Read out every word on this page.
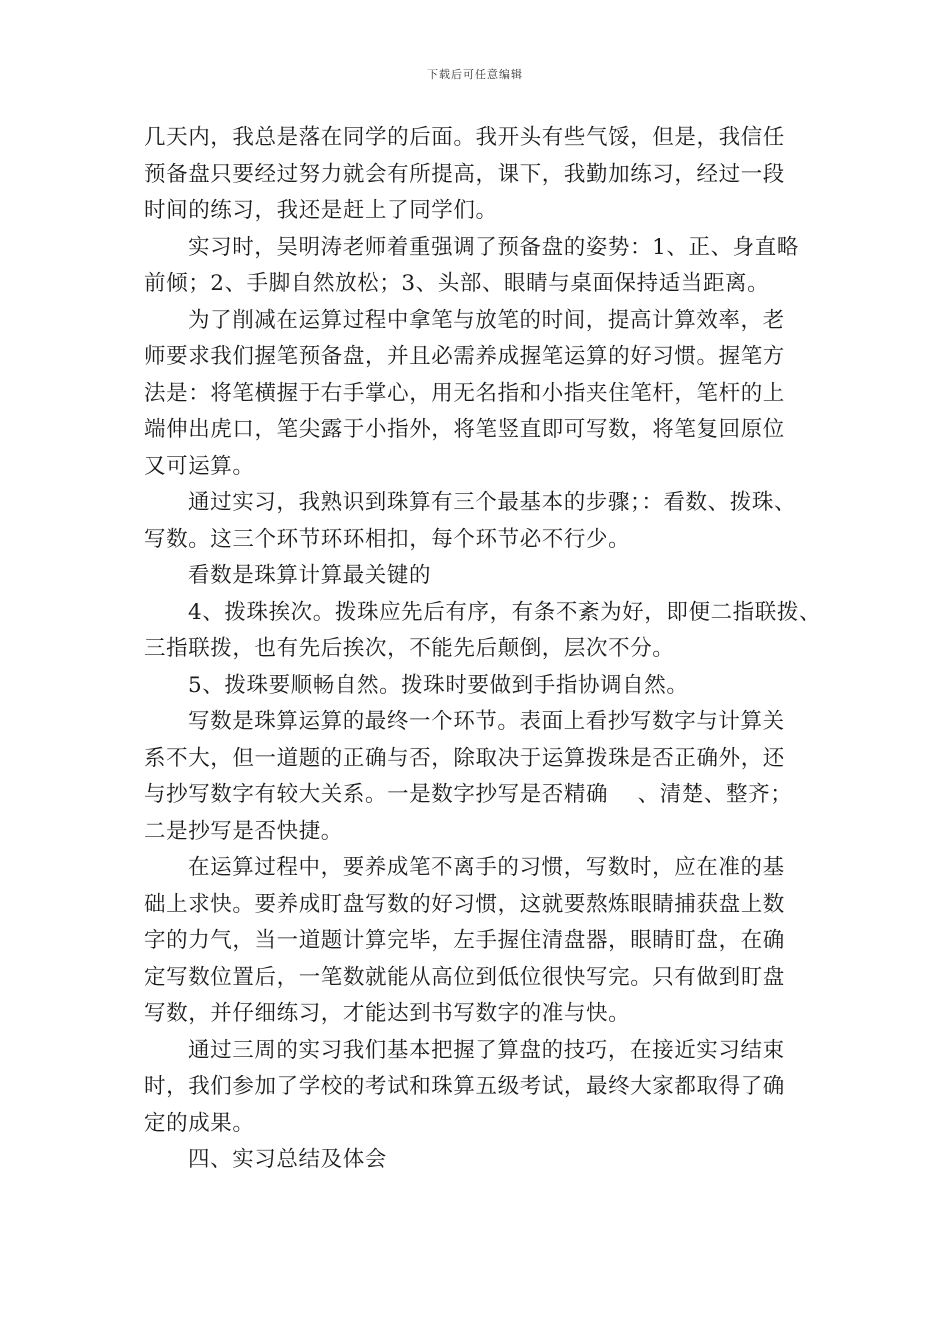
下载后可任意编辑
几天内，我总是落在同学的后面。我开头有些气馁，但是，我信任
预备盘只要经过努力就会有所提高，课下，我勤加练习，经过一段
时间的练习，我还是赶上了同学们。
实习时，吴明涛老师着重强调了预备盘的姿势：1、正、身直略
前倾；2、手脚自然放松；3、头部、眼睛与桌面保持适当距离。
为了削减在运算过程中拿笔与放笔的时间，提高计算效率，老
师要求我们握笔预备盘，并且必需养成握笔运算的好习惯。握笔方
法是：将笔横握于右手掌心，用无名指和小指夹住笔杆，笔杆的上
端伸出虎口，笔尖露于小指外，将笔竖直即可写数，将笔复回原位
又可运算。
通过实习，我熟识到珠算有三个最基本的步骤；：看数、拨珠、
写数。这三个环节环环相扣，每个环节必不行少。
看数是珠算计算最关键的
4、拨珠挨次。拨珠应先后有序，有条不紊为好，即便二指联拨、
三指联拨，也有先后挨次，不能先后颠倒，层次不分。
5、拨珠要顺畅自然。拨珠时要做到手指协调自然。
写数是珠算运算的最终一个环节。表面上看抄写数字与计算关
系不大，但一道题的正确与否，除取决于运算拨珠是否正确外，还
与抄写数字有较大关系。一是数字抄写是否精确　 、清楚、整齐；
二是抄写是否快捷。
在运算过程中，要养成笔不离手的习惯，写数时，应在准的基
础上求快。要养成盯盘写数的好习惯，这就要熬炼眼睛捕获盘上数
字的力气，当一道题计算完毕，左手握住清盘器，眼睛盯盘，在确
定写数位置后，一笔数就能从高位到低位很快写完。只有做到盯盘
写数，并仔细练习，才能达到书写数字的准与快。
通过三周的实习我们基本把握了算盘的技巧，在接近实习结束
时，我们参加了学校的考试和珠算五级考试，最终大家都取得了确
定的成果。
四、实习总结及体会
